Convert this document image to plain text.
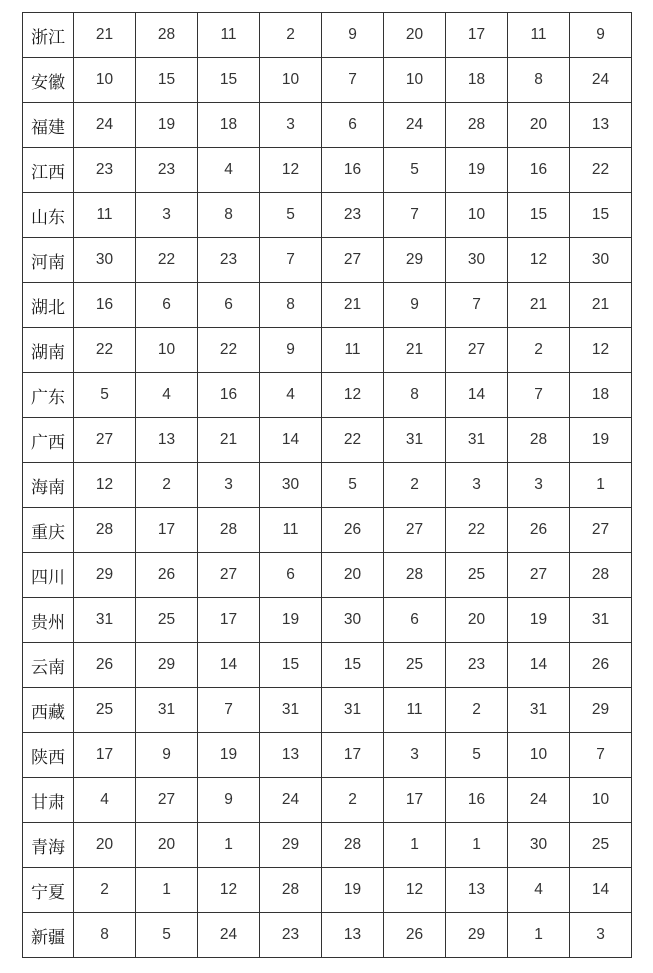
浙江	21	28	11	2	9	20	17	11	9
安徽	10	15	15	10	7	10	18	8	24
福建	24	19	18	3	6	24	28	20	13
江西	23	23	4	12	16	5	19	16	22
山东	11	3	8	5	23	7	10	15	15
河南	30	22	23	7	27	29	30	12	30
湖北	16	6	6	8	21	9	7	21	21
湖南	22	10	22	9	11	21	27	2	12
广东	5	4	16	4	12	8	14	7	18
广西	27	13	21	14	22	31	31	28	19
海南	12	2	3	30	5	2	3	3	1
重庆	28	17	28	11	26	27	22	26	27
四川	29	26	27	6	20	28	25	27	28
贵州	31	25	17	19	30	6	20	19	31
云南	26	29	14	15	15	25	23	14	26
西藏	25	31	7	31	31	11	2	31	29
陕西	17	9	19	13	17	3	5	10	7
甘肃	4	27	9	24	2	17	16	24	10
青海	20	20	1	29	28	1	1	30	25
宁夏	2	1	12	28	19	12	13	4	14
新疆	8	5	24	23	13	26	29	1	3
